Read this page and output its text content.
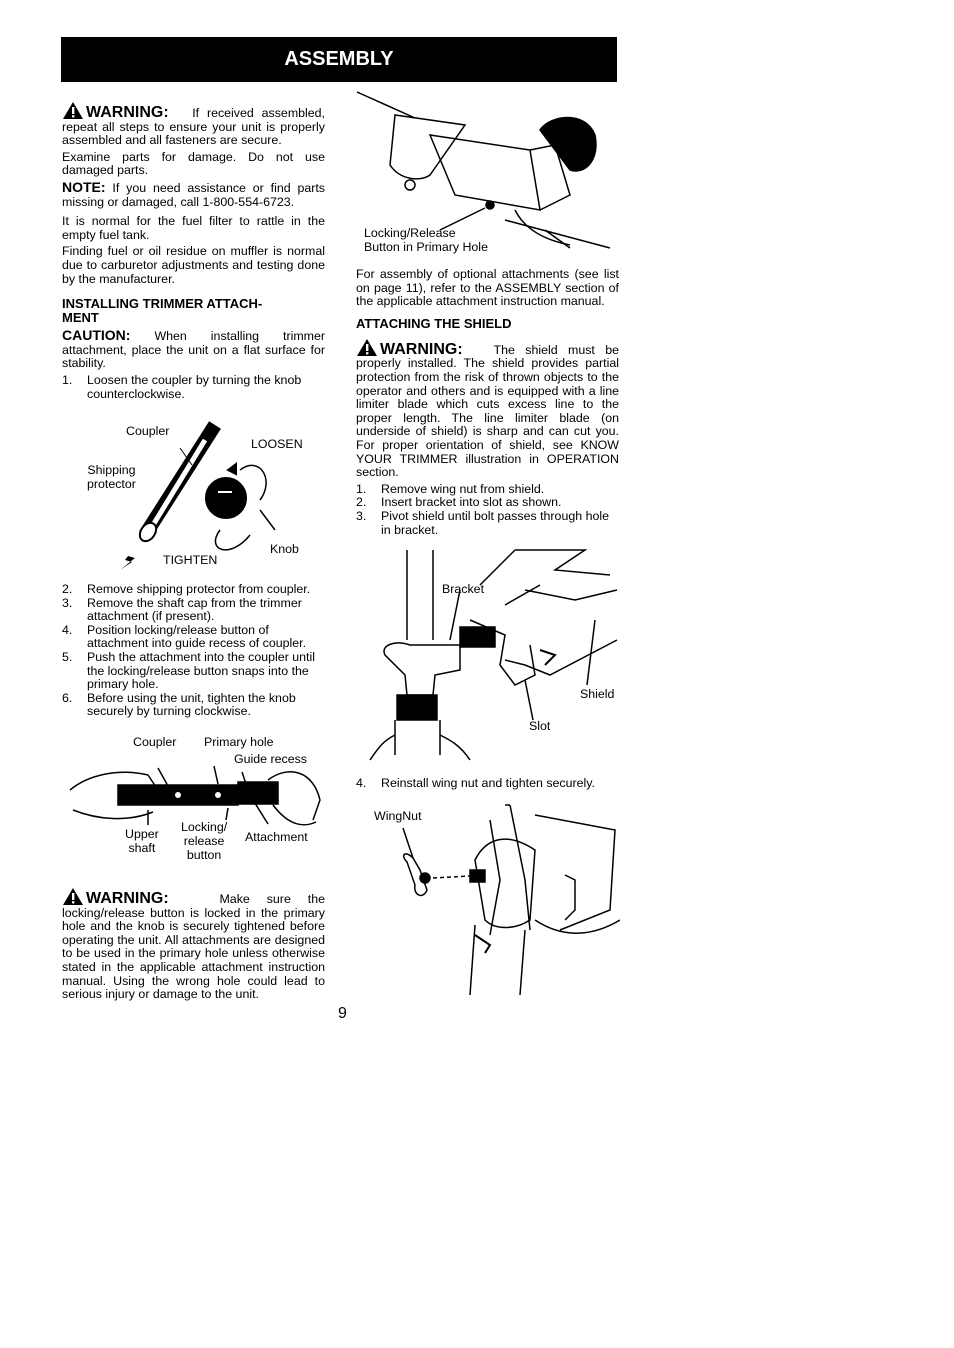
ASSEMBLY

WARNING: If received assembled, repeat all steps to ensure your unit is properly assembled and all fasteners are secure.

Examine parts for damage. Do not use damaged parts.

NOTE: If you need assistance or find parts missing or damaged, call 1-800-554-6723.

It is normal for the fuel filter to rattle in the empty fuel tank.

Finding fuel or oil residue on muffler is normal due to carburetor adjustments and testing done by the manufacturer.

INSTALLING TRIMMER ATTACH-
MENT

CAUTION: When installing trimmer attachment, place the unit on a flat surface for stability.

1. Loosen the coupler by turning the knob counterclockwise.
Coupler
LOOSEN
Shipping
protector
Knob
TIGHTEN
2. Remove shipping protector from coupler.
3. Remove the shaft cap from the trimmer attachment (if present).
4. Position locking/release button of attachment into guide recess of coupler.
5. Push the attachment into the coupler until the locking/release button snaps into the primary hole.
6. Before using the unit, tighten the knob securely by turning clockwise.
Coupler Primary hole
Guide recess
Upper
shaft
Locking/
release
button
Attachment

WARNING:	Make sure the locking/release button is locked in the primary hole and the knob is securely tightened before operating the unit. All attachments are designed to be used in the primary hole unless otherwise stated in the applicable attachment instruction manual. Using the wrong hole could lead to serious injury or damage to the unit.

Locking/Release
Button in Primary Hole

For assembly of optional attachments (see list on page 11), refer to the ASSEMBLY section of the applicable attachment instruction manual.

ATTACHING THE SHIELD

WARNING: The shield must be properly installed. The shield provides partial protection from the risk of thrown objects to the operator and others and is equipped with a line limiter blade which cuts excess line to the proper length. The line limiter blade (on underside of shield) is sharp and can cut you. For proper orientation of shield, see KNOW YOUR TRIMMER illustration in OPERATION section.

1. Remove wing nut from shield.
2. Insert bracket into slot as shown.
3. Pivot shield until bolt passes through hole in bracket.
Bracket
Shield
Slot
4. Reinstall wing nut and tighten securely.
WingNut
9
